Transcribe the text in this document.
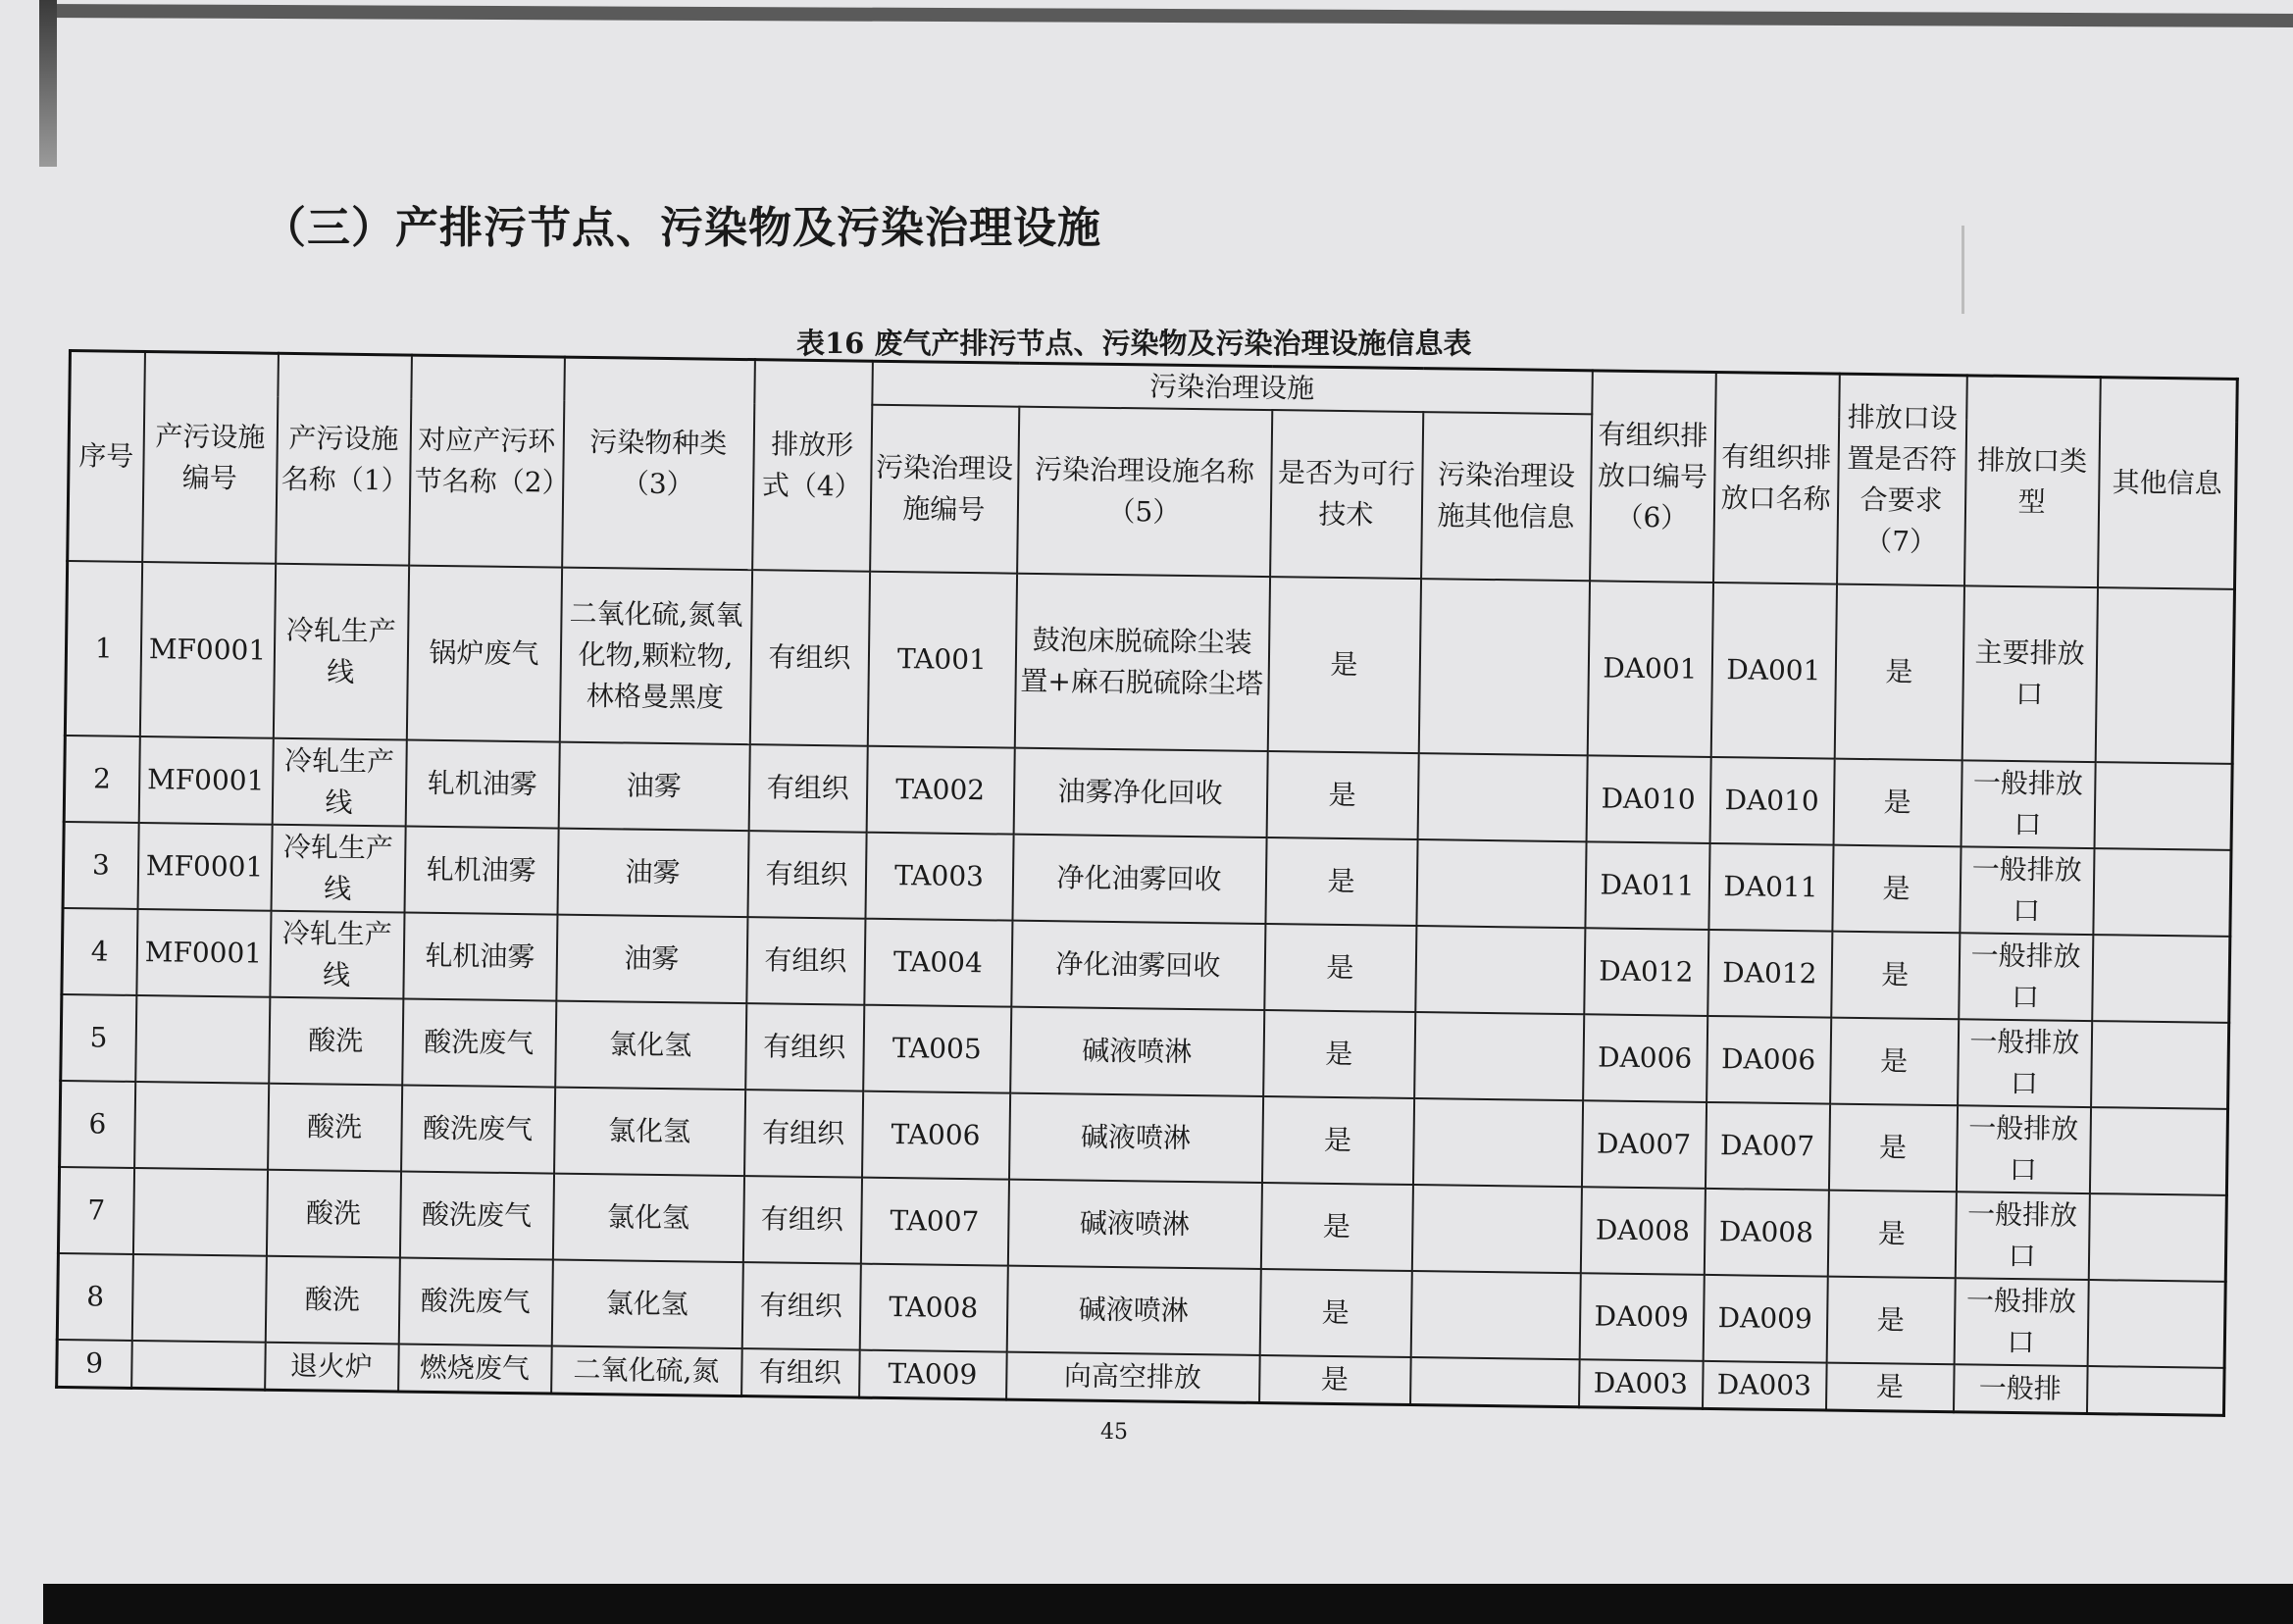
（三）产排污节点、污染物及污染治理设施
表16 废气产排污节点、污染物及污染治理设施信息表
序号	产污设施编号	产污设施名称（1）	对应产污环节名称（2）	污染物种类（3）	排放形式（4）	污染治理设施				有组织排放口编号（6）	有组织排放口名称	排放口设置是否符合要求（7）	排放口类型	其他信息
						污染治理设施编号	污染治理设施名称（5）	是否为可行技术	污染治理设施其他信息					
1	MF0001	冷轧生产线	锅炉废气	二氧化硫,氮氧化物,颗粒物,林格曼黑度	有组织	TA001	鼓泡床脱硫除尘装置+麻石脱硫除尘塔	是		DA001	DA001	是	主要排放口	
2	MF0001	冷轧生产线	轧机油雾	油雾	有组织	TA002	油雾净化回收	是		DA010	DA010	是	一般排放口	
3	MF0001	冷轧生产线	轧机油雾	油雾	有组织	TA003	净化油雾回收	是		DA011	DA011	是	一般排放口	
4	MF0001	冷轧生产线	轧机油雾	油雾	有组织	TA004	净化油雾回收	是		DA012	DA012	是	一般排放口	
5		酸洗	酸洗废气	氯化氢	有组织	TA005	碱液喷淋	是		DA006	DA006	是	一般排放口	
6		酸洗	酸洗废气	氯化氢	有组织	TA006	碱液喷淋	是		DA007	DA007	是	一般排放口	
7		酸洗	酸洗废气	氯化氢	有组织	TA007	碱液喷淋	是		DA008	DA008	是	一般排放口	
8		酸洗	酸洗废气	氯化氢	有组织	TA008	碱液喷淋	是		DA009	DA009	是	一般排放口	
9		退火炉	燃烧废气	二氧化硫,氮	有组织	TA009	向高空排放	是		DA003	DA003	是	一般排	
45
